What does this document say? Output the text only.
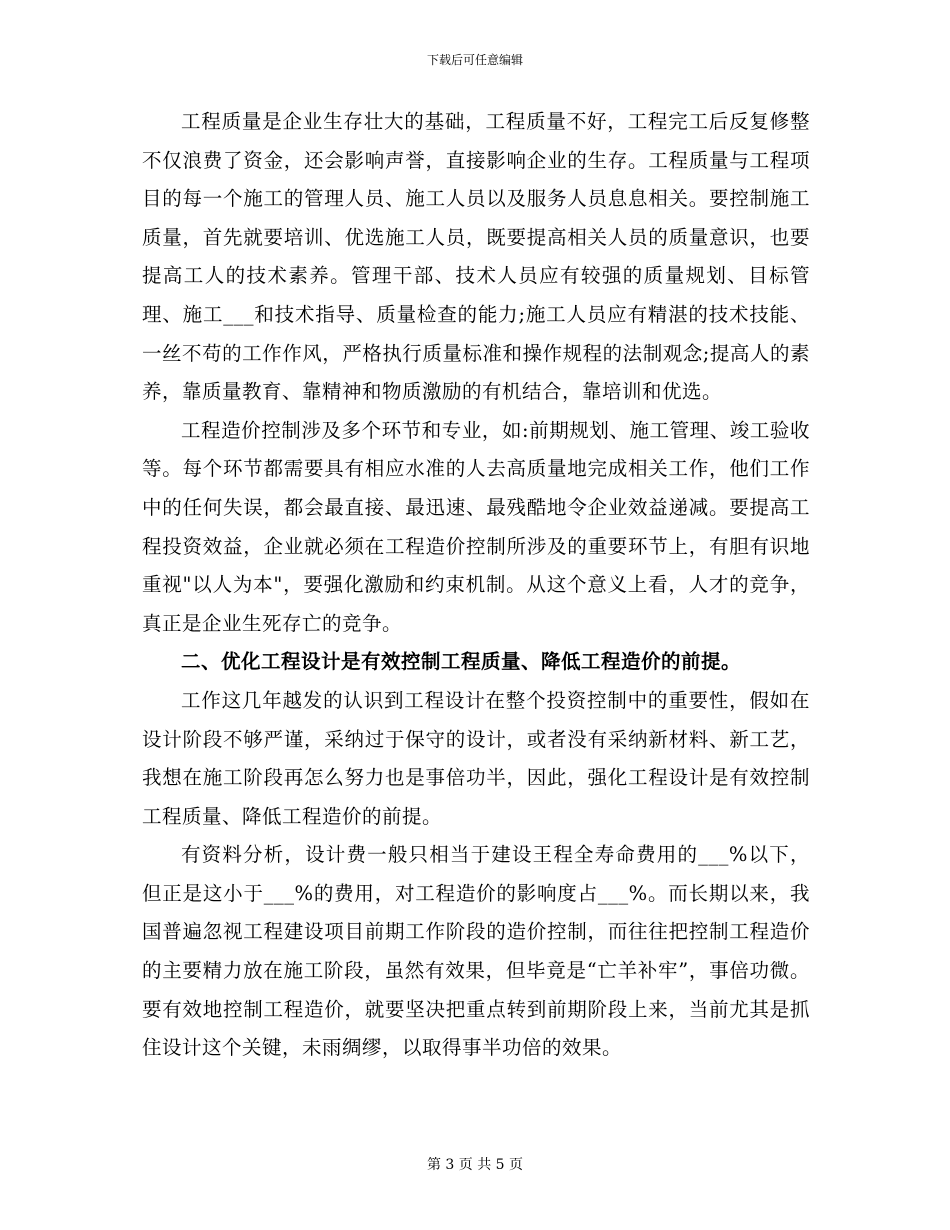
下载后可任意编辑

工程质量是企业生存壮大的基础，工程质量不好，工程完工后反复修整不仅浪费了资金，还会影响声誉，直接影响企业的生存。工程质量与工程项目的每一个施工的管理人员、施工人员以及服务人员息息相关。要控制施工质量，首先就要培训、优选施工人员，既要提高相关人员的质量意识，也要提高工人的技术素养。管理干部、技术人员应有较强的质量规划、目标管理、施工___和技术指导、质量检查的能力;施工人员应有精湛的技术技能、一丝不苟的工作作风，严格执行质量标准和操作规程的法制观念;提高人的素养，靠质量教育、靠精神和物质激励的有机结合，靠培训和优选。

工程造价控制涉及多个环节和专业，如:前期规划、施工管理、竣工验收等。每个环节都需要具有相应水准的人去高质量地完成相关工作，他们工作中的任何失误，都会最直接、最迅速、最残酷地令企业效益递减。要提高工程投资效益，企业就必须在工程造价控制所涉及的重要环节上，有胆有识地重视"以人为本"，要强化激励和约束机制。从这个意义上看，人才的竞争，真正是企业生死存亡的竞争。

二、优化工程设计是有效控制工程质量、降低工程造价的前提。

工作这几年越发的认识到工程设计在整个投资控制中的重要性，假如在设计阶段不够严谨，采纳过于保守的设计，或者没有采纳新材料、新工艺，我想在施工阶段再怎么努力也是事倍功半，因此，强化工程设计是有效控制工程质量、降低工程造价的前提。

有资料分析，设计费一般只相当于建设王程全寿命费用的___%以下，但正是这小于___%的费用，对工程造价的影响度占___%。而长期以来，我国普遍忽视工程建设项目前期工作阶段的造价控制，而往往把控制工程造价的主要精力放在施工阶段，虽然有效果，但毕竟是“亡羊补牢”，事倍功微。要有效地控制工程造价，就要坚决把重点转到前期阶段上来，当前尤其是抓住设计这个关键，未雨绸缪，以取得事半功倍的效果。

第 3 页 共 5 页
